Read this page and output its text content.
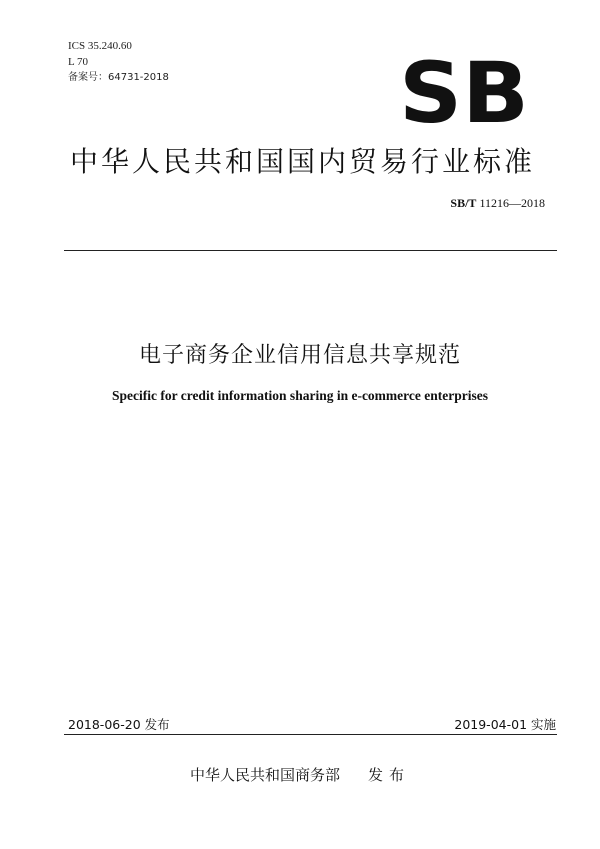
ICS 35.240.60
L 70
备案号：64731-2018	SB
中华人民共和国国内贸易行业标准
SB/T 11216—2018
电子商务企业信用信息共享规范
Specific for credit information sharing in e-commerce enterprises
2018-06-20 发布	2019-04-01 实施
中华人民共和国商务部 发布
